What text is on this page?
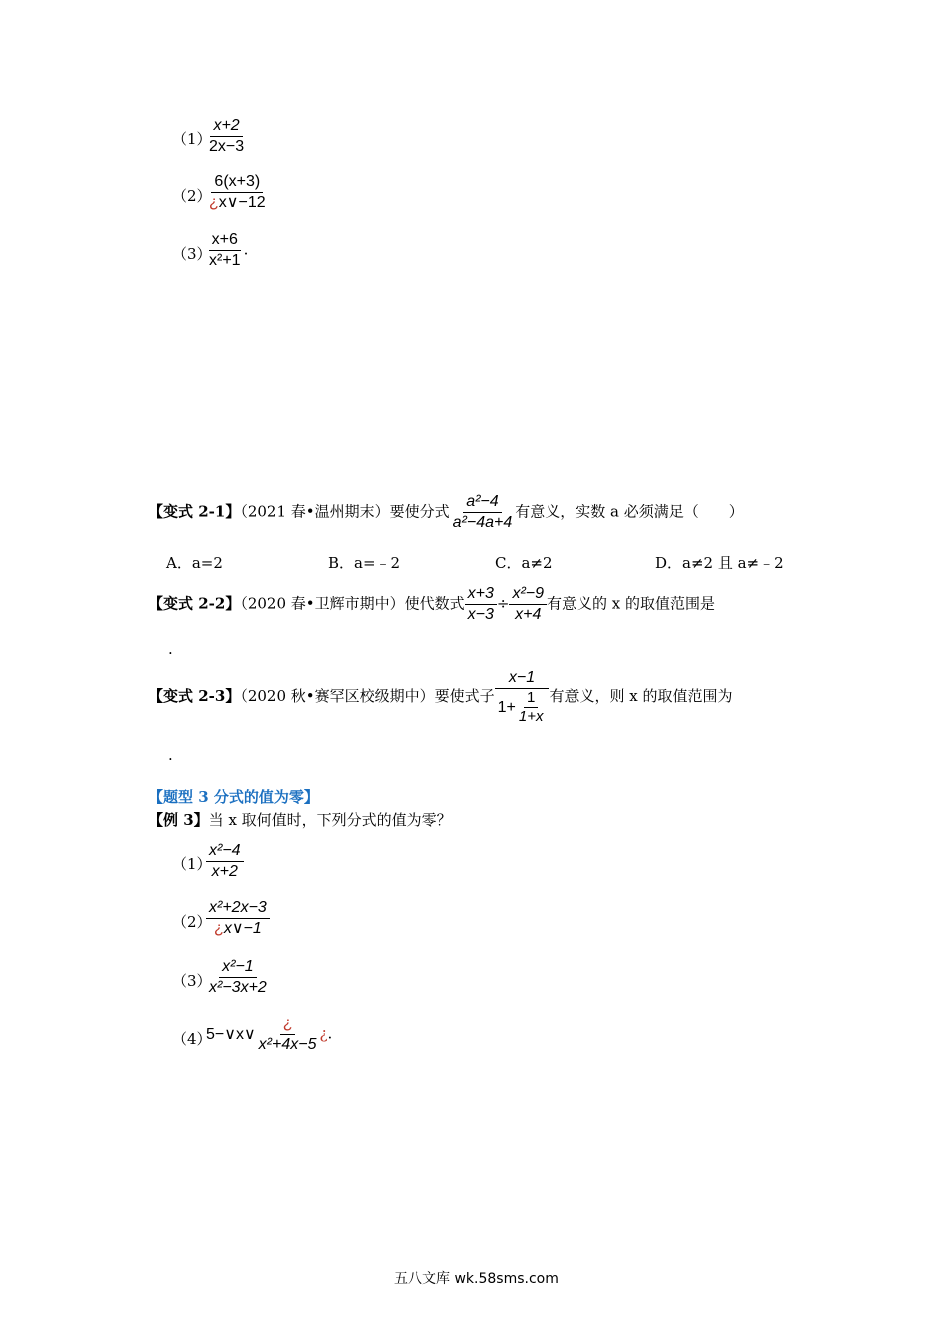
（1）
$\frac{x+2}{2x-3}$
（2）
$\frac{6(x+3)}{¿x\vee-12}$
（3）
$\frac{x+6}{\text{x²+1}}$ .
【变式 2-1】（2021 春•温州期末）要使分式 $\frac{\text{a²−4}}{\text{a²−4a+4}}$ 有意义，实数 a 必须满足（　　）
A．a=2	B．a=﹣2	C．a≠2	D．a≠2 且 a≠﹣2
【变式 2-2】（2020 春•卫辉市期中）使代数式 $\frac{x+3}{x-3} \div \frac{\text{x²−9}}{x+4}$ 有意义的 x 的取值范围是
.
【变式 2-3】（2020 秋•赛罕区校级期中）要使式子 $\frac{x-1}{1+ \frac{1}{1+x}}$ 有意义，则 x 的取值范围为
.
【题型 3 分式的值为零】
【例 3】当 x 取何值时，下列分式的值为零？
（1）
$\frac{\text{x²−4}}{x+2}$
（2）
$\frac{\text{x²+2x−3}}{¿x\vee-1}$
（3）
$\frac{\text{x²−1}}{\text{x²−3x+2}}$
（4）
5−∨x∨ $\frac{¿}{\text{x²+4x−5}}$ ¿.
五八文库 wk.58sms.com
